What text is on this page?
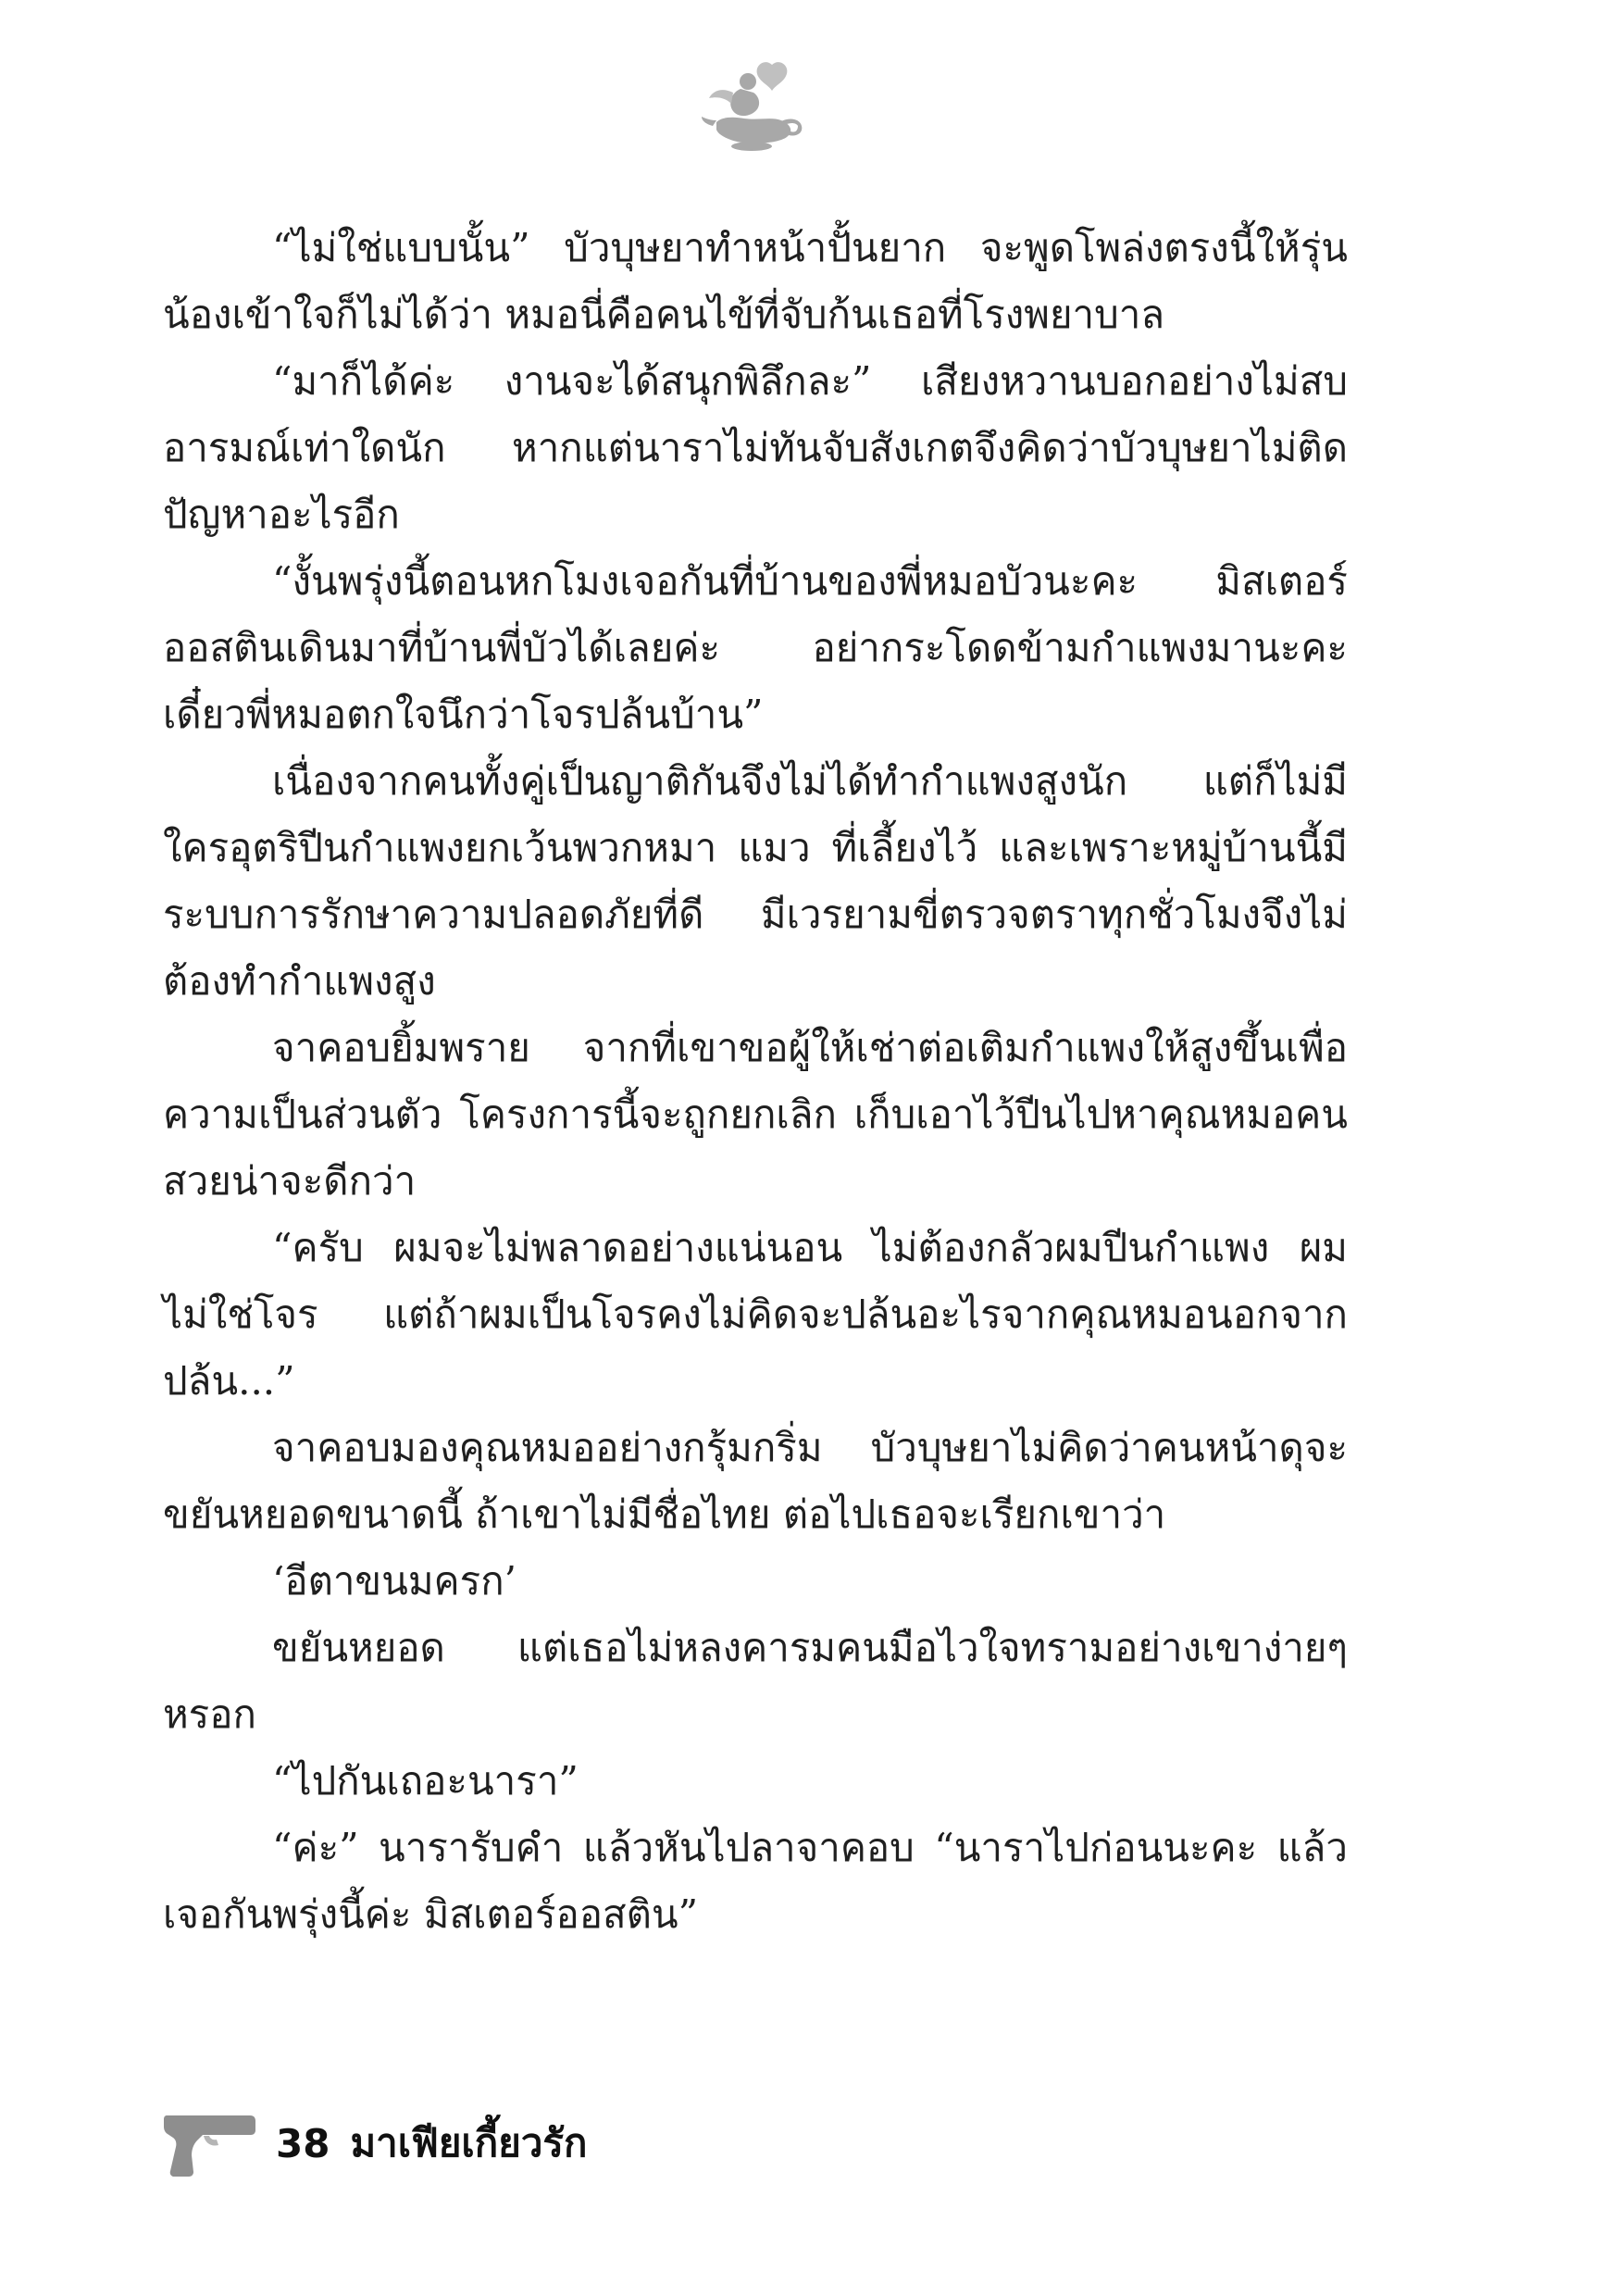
“ไม่ใช่แบบนั้น” บัวบุษยาทำหน้าปั้นยาก จะพูดโพล่งตรงนี้ให้รุ่นน้องเข้าใจก็ไม่ได้ว่า หมอนี่คือคนไข้ที่จับก้นเธอที่โรงพยาบาล

“มาก็ได้ค่ะ งานจะได้สนุกพิลึกละ” เสียงหวานบอกอย่างไม่สบอารมณ์เท่าใดนัก หากแต่นาราไม่ทันจับสังเกตจึงคิดว่าบัวบุษยาไม่ติดปัญหาอะไรอีก

“งั้นพรุ่งนี้ตอนหกโมงเจอกันที่บ้านของพี่หมอบัวนะคะ มิสเตอร์ออสตินเดินมาที่บ้านพี่บัวได้เลยค่ะ อย่ากระโดดข้ามกำแพงมานะคะเดี๋ยวพี่หมอตกใจนึกว่าโจรปล้นบ้าน”

เนื่องจากคนทั้งคู่เป็นญาติกันจึงไม่ได้ทำกำแพงสูงนัก แต่ก็ไม่มีใครอุตริปีนกำแพงยกเว้นพวกหมา แมว ที่เลี้ยงไว้ และเพราะหมู่บ้านนี้มีระบบการรักษาความปลอดภัยที่ดี มีเวรยามขี่ตรวจตราทุกชั่วโมงจึงไม่ต้องทำกำแพงสูง

จาคอบยิ้มพราย จากที่เขาขอผู้ให้เช่าต่อเติมกำแพงให้สูงขึ้นเพื่อความเป็นส่วนตัว โครงการนี้จะถูกยกเลิก เก็บเอาไว้ปีนไปหาคุณหมอคนสวยน่าจะดีกว่า

“ครับ ผมจะไม่พลาดอย่างแน่นอน ไม่ต้องกลัวผมปีนกำแพง ผมไม่ใช่โจร แต่ถ้าผมเป็นโจรคงไม่คิดจะปล้นอะไรจากคุณหมอนอกจากปล้น...”

จาคอบมองคุณหมออย่างกรุ้มกริ่ม บัวบุษยาไม่คิดว่าคนหน้าดุจะขยันหยอดขนาดนี้ ถ้าเขาไม่มีชื่อไทย ต่อไปเธอจะเรียกเขาว่า

‘อีตาขนมครก’

ขยันหยอด แต่เธอไม่หลงคารมคนมือไวใจทรามอย่างเขาง่ายๆหรอก

“ไปกันเถอะนารา”

“ค่ะ” นารารับคำ แล้วหันไปลาจาคอบ “นาราไปก่อนนะคะ แล้วเจอกันพรุ่งนี้ค่ะ มิสเตอร์ออสติน”

38 มาเฟียเกี้ยวรัก
